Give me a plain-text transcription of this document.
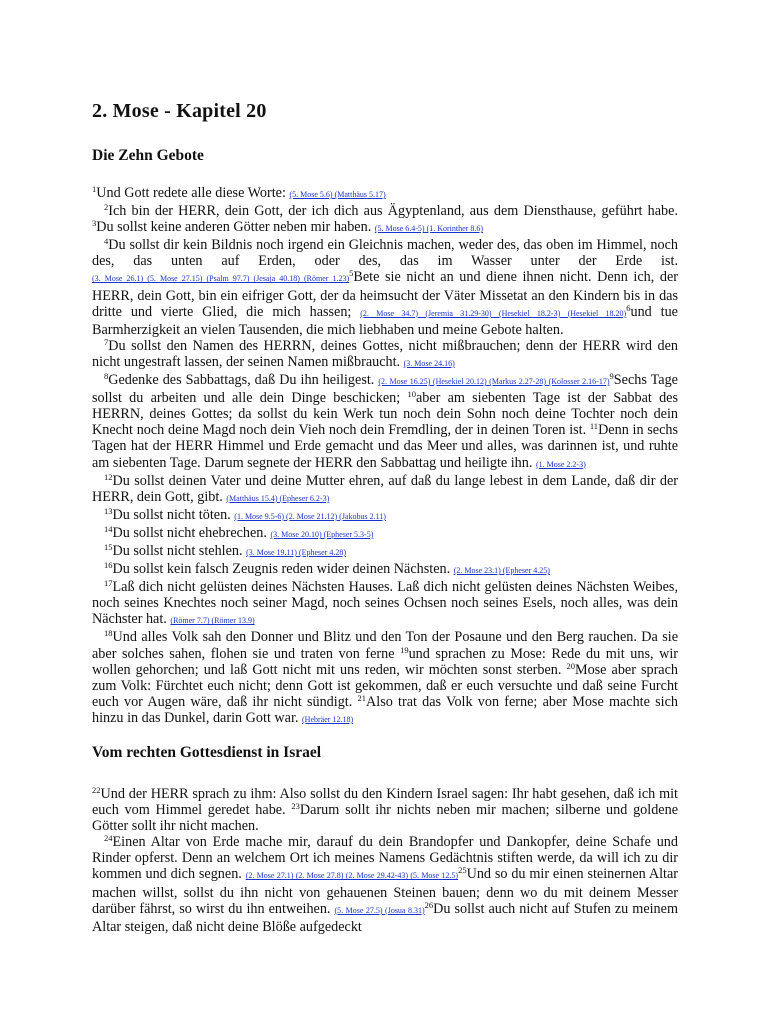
2. Mose - Kapitel 20
Die Zehn Gebote

$^1$Und Gott redete alle diese Worte: (5. Mose 5.6) (Matthäus 5.17)

$^2$Ich bin der HERR, dein Gott, der ich dich aus Ägyptenland, aus dem Diensthause, geführt habe. $^3$Du sollst keine anderen Götter neben mir haben. (5. Mose 6.4-5) (1. Korinther 8.6)

$^4$Du sollst dir kein Bildnis noch irgend ein Gleichnis machen, weder des, das oben im Himmel, noch des, das unten auf Erden, oder des, das im Wasser unter der Erde ist. (3. Mose 26.1) (5. Mose 27.15) (Psalm 97.7) (Jesaja 40.18) (Römer 1.23)$^5$Bete sie nicht an und diene ihnen nicht. Denn ich, der HERR, dein Gott, bin ein eifriger Gott, der da heimsucht der Väter Missetat an den Kindern bis in das dritte und vierte Glied, die mich hassen; (2. Mose 34.7) (Jeremia 31.29-30) (Hesekiel 18.2-3) (Hesekiel 18.20)$^6$und tue Barmherzigkeit an vielen Tausenden, die mich liebhaben und meine Gebote halten.

$^7$Du sollst den Namen des HERRN, deines Gottes, nicht mißbrauchen; denn der HERR wird den nicht ungestraft lassen, der seinen Namen mißbraucht. (3. Mose 24.16)

$^8$Gedenke des Sabbattags, daß Du ihn heiligest. (2. Mose 16.25) (Hesekiel 20.12) (Markus 2.27-28) (Kolosser 2.16-17)$^9$Sechs Tage sollst du arbeiten und alle dein Dinge beschicken; $^{10}$aber am siebenten Tage ist der Sabbat des HERRN, deines Gottes; da sollst du kein Werk tun noch dein Sohn noch deine Tochter noch dein Knecht noch deine Magd noch dein Vieh noch dein Fremdling, der in deinen Toren ist. $^{11}$Denn in sechs Tagen hat der HERR Himmel und Erde gemacht und das Meer und alles, was darinnen ist, und ruhte am siebenten Tage. Darum segnete der HERR den Sabbattag und heiligte ihn. (1. Mose 2.2-3)

$^{12}$Du sollst deinen Vater und deine Mutter ehren, auf daß du lange lebest in dem Lande, daß dir der HERR, dein Gott, gibt. (Matthäus 15.4) (Epheser 6.2-3)

$^{13}$Du sollst nicht töten. (1. Mose 9.5-6) (2. Mose 21.12) (Jakobus 2.11)

$^{14}$Du sollst nicht ehebrechen. (3. Mose 20.10) (Epheser 5.3-5)

$^{15}$Du sollst nicht stehlen. (3. Mose 19.11) (Epheser 4.28)

$^{16}$Du sollst kein falsch Zeugnis reden wider deinen Nächsten. (2. Mose 23.1) (Epheser 4.25)

$^{17}$Laß dich nicht gelüsten deines Nächsten Hauses. Laß dich nicht gelüsten deines Nächsten Weibes, noch seines Knechtes noch seiner Magd, noch seines Ochsen noch seines Esels, noch alles, was dein Nächster hat. (Römer 7.7) (Römer 13.9)

$^{18}$Und alles Volk sah den Donner und Blitz und den Ton der Posaune und den Berg rauchen. Da sie aber solches sahen, flohen sie und traten von ferne $^{19}$und sprachen zu Mose: Rede du mit uns, wir wollen gehorchen; und laß Gott nicht mit uns reden, wir möchten sonst sterben. $^{20}$Mose aber sprach zum Volk: Fürchtet euch nicht; denn Gott ist gekommen, daß er euch versuchte und daß seine Furcht euch vor Augen wäre, daß ihr nicht sündigt. $^{21}$Also trat das Volk von ferne; aber Mose machte sich hinzu in das Dunkel, darin Gott war. (Hebräer 12.18)

Vom rechten Gottesdienst in Israel

$^{22}$Und der HERR sprach zu ihm: Also sollst du den Kindern Israel sagen: Ihr habt gesehen, daß ich mit euch vom Himmel geredet habe. $^{23}$Darum sollt ihr nichts neben mir machen; silberne und goldene Götter sollt ihr nicht machen.

$^{24}$Einen Altar von Erde mache mir, darauf du dein Brandopfer und Dankopfer, deine Schafe und Rinder opferst. Denn an welchem Ort ich meines Namens Gedächtnis stiften werde, da will ich zu dir kommen und dich segnen. (2. Mose 27.1) (2. Mose 27.8) (2. Mose 29.42-43) (5. Mose 12.5)$^{25}$Und so du mir einen steinernen Altar machen willst, sollst du ihn nicht von gehauenen Steinen bauen; denn wo du mit deinem Messer darüber fährst, so wirst du ihn entweihen. (5. Mose 27.5) (Josua 8.31)$^{26}$Du sollst auch nicht auf Stufen zu meinem Altar steigen, daß nicht deine Blöße aufgedeckt
